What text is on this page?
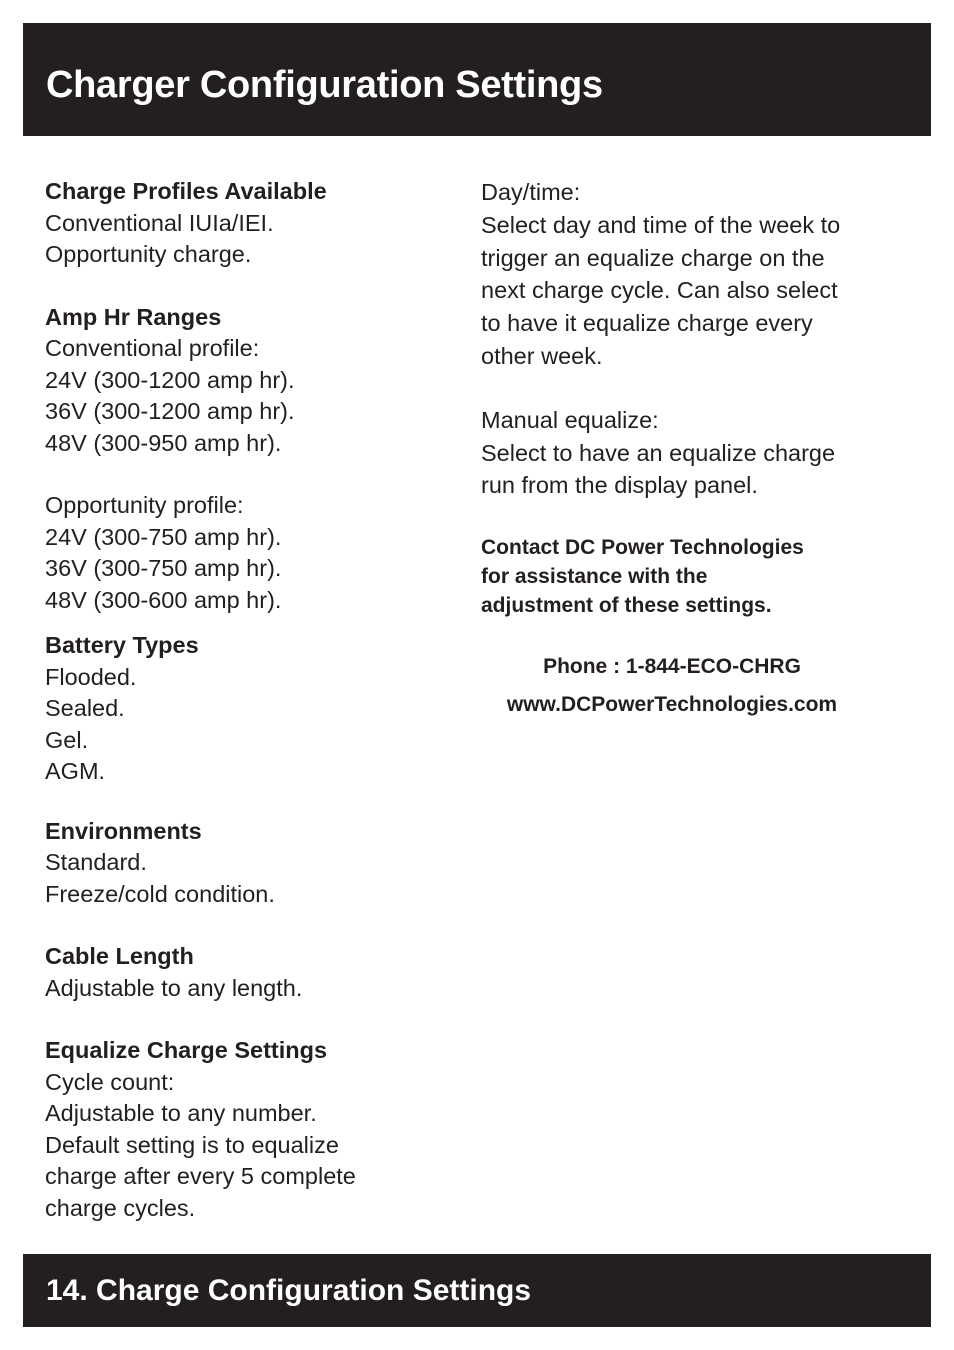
Charger Configuration Settings
Charge Profiles Available
Conventional IUIa/IEI.
Opportunity charge.
Amp Hr Ranges
Conventional profile:
24V (300-1200 amp hr).
36V (300-1200 amp hr).
48V (300-950 amp hr).
Opportunity profile:
24V (300-750 amp hr).
36V (300-750 amp hr).
48V (300-600 amp hr).
Battery Types
Flooded.
Sealed.
Gel.
AGM.
Environments
Standard.
Freeze/cold condition.
Cable Length
Adjustable to any length.
Equalize Charge Settings
Cycle count:
Adjustable to any number.
Default setting is to equalize
charge after every 5 complete
charge cycles.
Day/time:
Select day and time of the week to
trigger an equalize charge on the
next charge cycle. Can also select
to have it equalize charge every
other week.
Manual equalize:
Select to have an equalize charge
run from the display panel.
Contact DC Power Technologies
for assistance with the
adjustment of these settings.
Phone : 1-844-ECO-CHRG
www.DCPowerTechnologies.com
14. Charge Configuration Settings
